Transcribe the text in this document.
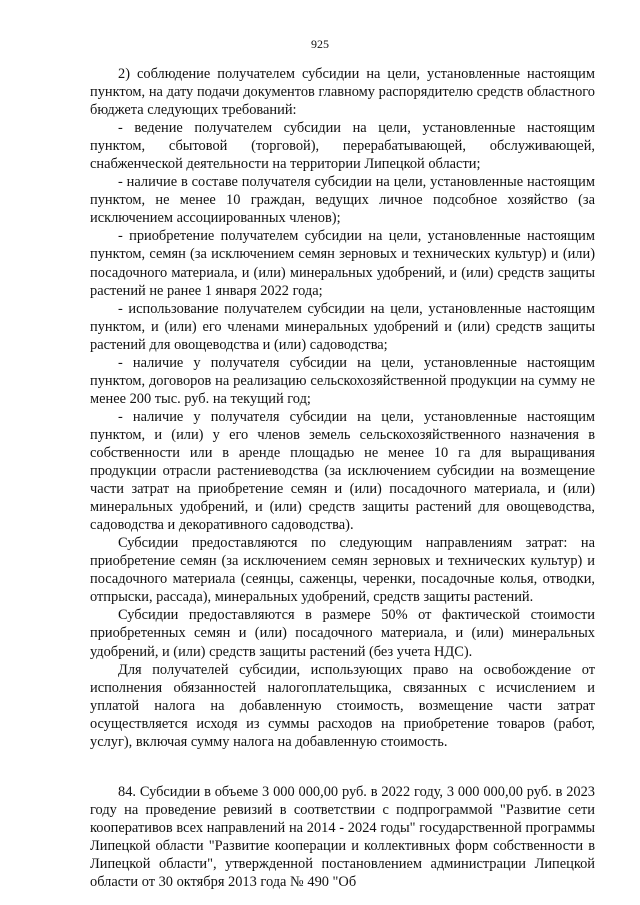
925

2) соблюдение получателем субсидии на цели, установленные настоящим пунктом, на дату подачи документов главному распорядителю средств областного бюджета следующих требований:

- ведение получателем субсидии на цели, установленные настоящим пунктом, сбытовой (торговой), перерабатывающей, обслуживающей, снабженческой деятельности на территории Липецкой области;

- наличие в составе получателя субсидии на цели, установленные настоящим пунктом, не менее 10 граждан, ведущих личное подсобное хозяйство (за исключением ассоциированных членов);

- приобретение получателем субсидии на цели, установленные настоящим пунктом, семян (за исключением семян зерновых и технических культур) и (или) посадочного материала, и (или) минеральных удобрений, и (или) средств защиты растений не ранее 1 января 2022 года;

- использование получателем субсидии на цели, установленные настоящим пунктом, и (или) его членами минеральных удобрений и (или) средств защиты растений для овощеводства и (или) садоводства;

- наличие у получателя субсидии на цели, установленные настоящим пунктом, договоров на реализацию сельскохозяйственной продукции на сумму не менее 200 тыс. руб. на текущий год;

- наличие у получателя субсидии на цели, установленные настоящим пунктом, и (или) у его членов земель сельскохозяйственного назначения в собственности или в аренде площадью не менее 10 га для выращивания продукции отрасли растениеводства (за исключением субсидии на возмещение части затрат на приобретение семян и (или) посадочного материала, и (или) минеральных удобрений, и (или) средств защиты растений для овощеводства, садоводства и декоративного садоводства).

Субсидии предоставляются по следующим направлениям затрат: на приобретение семян (за исключением семян зерновых и технических культур) и посадочного материала (сеянцы, саженцы, черенки, посадочные колья, отводки, отпрыски, рассада), минеральных удобрений, средств защиты растений.

Субсидии предоставляются в размере 50% от фактической стоимости приобретенных семян и (или) посадочного материала, и (или) минеральных удобрений, и (или) средств защиты растений (без учета НДС).

Для получателей субсидии, использующих право на освобождение от исполнения обязанностей налогоплательщика, связанных с исчислением и уплатой налога на добавленную стоимость, возмещение части затрат осуществляется исходя из суммы расходов на приобретение товаров (работ, услуг), включая сумму налога на добавленную стоимость.

84. Субсидии в объеме 3 000 000,00 руб. в 2022 году, 3 000 000,00 руб. в 2023 году на проведение ревизий в соответствии с подпрограммой "Развитие сети кооперативов всех направлений на 2014 - 2024 годы" государственной программы Липецкой области "Развитие кооперации и коллективных форм собственности в Липецкой области", утвержденной постановлением администрации Липецкой области от 30 октября 2013 года № 490 "Об
